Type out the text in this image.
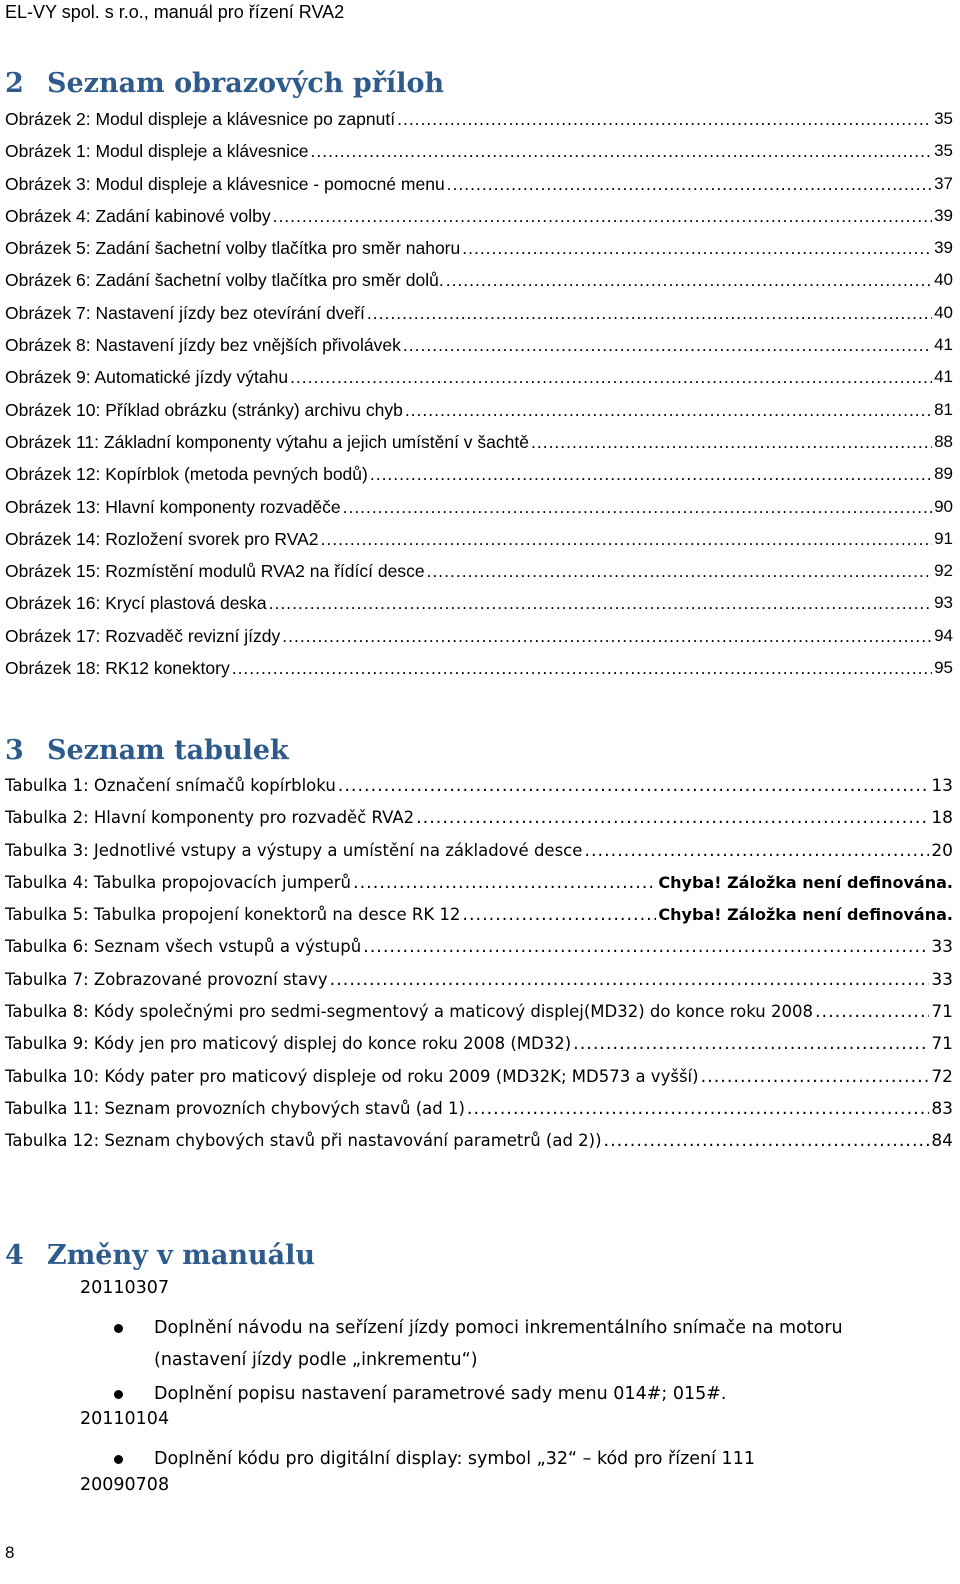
EL-VY spol. s r.o., manuál pro řízení RVA2
2 Seznam obrazových příloh
Obrázek 2: Modul displeje a klávesnice po zapnutí .....	35
Obrázek 1: Modul displeje a klávesnice .....	35
Obrázek 3: Modul displeje a klávesnice - pomocné menu .....	37
Obrázek 4: Zadání kabinové volby .....	39
Obrázek 5: Zadání šachetní volby tlačítka pro směr nahoru .....	39
Obrázek 6: Zadání šachetní volby tlačítka pro směr dolů. .....	40
Obrázek 7: Nastavení jízdy bez otevírání dveří .....	40
Obrázek 8: Nastavení jízdy bez vnějších přivolávek .....	41
Obrázek 9: Automatické jízdy výtahu .....	41
Obrázek 10: Příklad obrázku (stránky) archivu chyb .....	81
Obrázek 11: Základní komponenty výtahu a jejich umístění v šachtě .....	88
Obrázek 12: Kopírblok (metoda pevných bodů) .....	89
Obrázek 13: Hlavní komponenty rozvaděče .....	90
Obrázek 14: Rozložení svorek pro RVA2 .....	91
Obrázek 15: Rozmístění modulů RVA2 na řídící desce .....	92
Obrázek 16: Krycí plastová deska .....	93
Obrázek 17: Rozvaděč revizní jízdy .....	94
Obrázek 18: RK12 konektory .....	95
3 Seznam tabulek
Tabulka 1: Označení snímačů kopírbloku .....	13
Tabulka 2: Hlavní komponenty pro rozvaděč RVA2 .....	18
Tabulka 3: Jednotlivé vstupy a výstupy a umístění na základové desce .....	20
Tabulka 4: Tabulka propojovacích jumperů .....	Chyba! Záložka není definována.
Tabulka 5: Tabulka propojení konektorů na desce RK 12 .....	Chyba! Záložka není definována.
Tabulka 6: Seznam všech vstupů a výstupů .....	33
Tabulka 7: Zobrazované provozní stavy .....	33
Tabulka 8: Kódy společnými pro sedmi-segmentový a maticový displej(MD32) do konce roku 2008 .....	71
Tabulka 9: Kódy jen pro maticový displej do konce roku 2008 (MD32) .....	71
Tabulka 10: Kódy pater pro maticový displeje od roku 2009 (MD32K; MD573 a vyšší) .....	72
Tabulka 11: Seznam provozních chybových stavů (ad 1) .....	83
Tabulka 12: Seznam chybových stavů při nastavování parametrů (ad 2)) .....	84
4 Změny v manuálu
20110307
Doplnění návodu na seřízení jízdy pomoci inkrementálního snímače na motoru (nastavení jízdy podle „inkrementu“)
Doplnění popisu nastavení parametrové sady menu 014#; 015#.
20110104
Doplnění kódu pro digitální display: symbol „32“ – kód pro řízení 111
20090708
8
